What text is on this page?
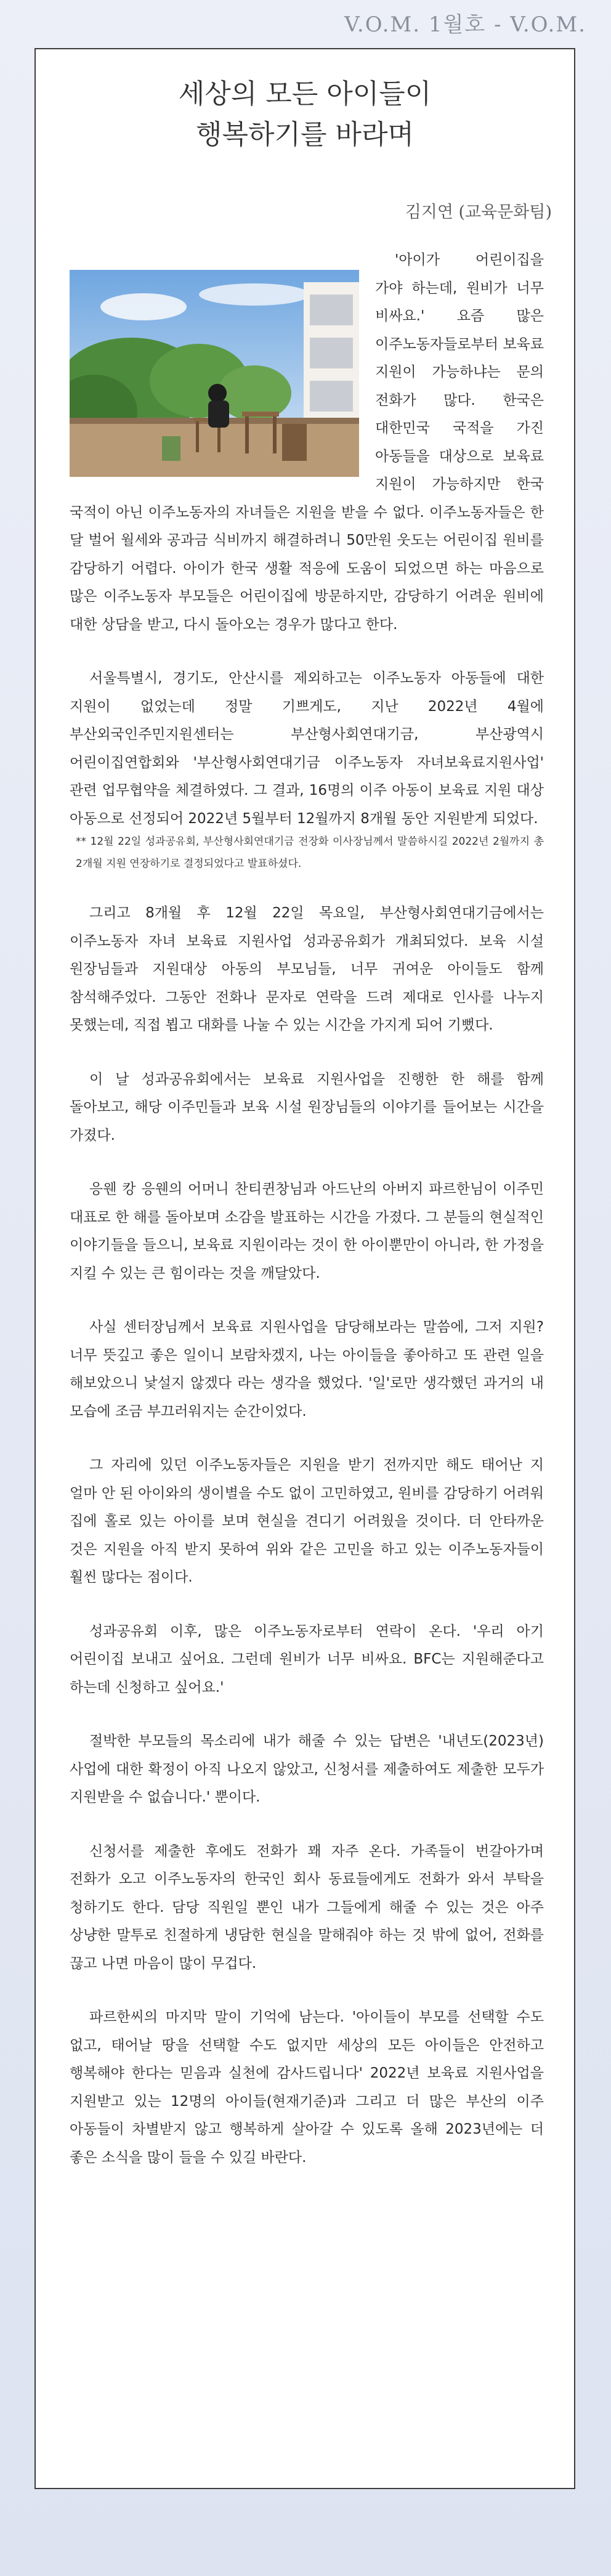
V.O.M. 1월호 - V.O.M.
세상의 모든 아이들이
행복하기를 바라며
김지연 (교육문화팀)

'아이가 어린이집을 가야 하는데, 원비가 너무 비싸요.' 요즘 많은 이주노동자들로부터 보육료 지원이 가능하냐는 문의 전화가 많다. 한국은 대한민국 국적을 가진 아동들을 대상으로 보육료 지원이 가능하지만 한국 국적이 아닌 이주노동자의 자녀들은 지원을 받을 수 없다. 이주노동자들은 한 달 벌어 월세와 공과금 식비까지 해결하려니 50만원 웃도는 어린이집 원비를 감당하기 어렵다. 아이가 한국 생활 적응에 도움이 되었으면 하는 마음으로 많은 이주노동자 부모들은 어린이집에 방문하지만, 감당하기 어려운 원비에 대한 상담을 받고, 다시 돌아오는 경우가 많다고 한다.

서울특별시, 경기도, 안산시를 제외하고는 이주노동자 아동들에 대한 지원이 없었는데 정말 기쁘게도, 지난 2022년 4월에 부산외국인주민지원센터는 부산형사회연대기금, 부산광역시 어린이집연합회와 '부산형사회연대기금 이주노동자 자녀보육료지원사업' 관련 업무협약을 체결하였다. 그 결과, 16명의 이주 아동이 보육료 지원 대상 아동으로 선정되어 2022년 5월부터 12월까지 8개월 동안 지원받게 되었다.

** 12월 22일 성과공유회, 부산형사회연대기금 전장화 이사장님께서 말씀하시길 2022년 2월까지 총 2개월 지원 연장하기로 결정되었다고 발표하셨다.

그리고 8개월 후 12월 22일 목요일, 부산형사회연대기금에서는 이주노동자 자녀 보육료 지원사업 성과공유회가 개최되었다. 보육 시설 원장님들과 지원대상 아동의 부모님들, 너무 귀여운 아이들도 함께 참석해주었다. 그동안 전화나 문자로 연락을 드려 제대로 인사를 나누지 못했는데, 직접 뵙고 대화를 나눌 수 있는 시간을 가지게 되어 기뻤다.

이 날 성과공유회에서는 보육료 지원사업을 진행한 한 해를 함께 돌아보고, 해당 이주민들과 보육 시설 원장님들의 이야기를 들어보는 시간을 가졌다.

응웬 캉 응웬의 어머니 찬티퀸창님과 아드난의 아버지 파르한님이 이주민 대표로 한 해를 돌아보며 소감을 발표하는 시간을 가졌다. 그 분들의 현실적인 이야기들을 들으니, 보육료 지원이라는 것이 한 아이뿐만이 아니라, 한 가정을 지킬 수 있는 큰 힘이라는 것을 깨달았다.

사실 센터장님께서 보육료 지원사업을 담당해보라는 말씀에, 그저 지원? 너무 뜻깊고 좋은 일이니 보람차겠지, 나는 아이들을 좋아하고 또 관련 일을 해보았으니 낯설지 않겠다 라는 생각을 했었다. '일'로만 생각했던 과거의 내 모습에 조금 부끄러워지는 순간이었다.

그 자리에 있던 이주노동자들은 지원을 받기 전까지만 해도 태어난 지 얼마 안 된 아이와의 생이별을 수도 없이 고민하였고, 원비를 감당하기 어려워 집에 홀로 있는 아이를 보며 현실을 견디기 어려웠을 것이다. 더 안타까운 것은 지원을 아직 받지 못하여 위와 같은 고민을 하고 있는 이주노동자들이 훨씬 많다는 점이다.

성과공유회 이후, 많은 이주노동자로부터 연락이 온다. '우리 아기 어린이집 보내고 싶어요. 그런데 원비가 너무 비싸요. BFC는 지원해준다고 하는데 신청하고 싶어요.'

절박한 부모들의 목소리에 내가 해줄 수 있는 답변은 '내년도(2023년) 사업에 대한 확정이 아직 나오지 않았고, 신청서를 제출하여도 제출한 모두가 지원받을 수 없습니다.' 뿐이다.

신청서를 제출한 후에도 전화가 꽤 자주 온다. 가족들이 번갈아가며 전화가 오고 이주노동자의 한국인 회사 동료들에게도 전화가 와서 부탁을 청하기도 한다. 담당 직원일 뿐인 내가 그들에게 해줄 수 있는 것은 아주 상냥한 말투로 친절하게 냉담한 현실을 말해줘야 하는 것 밖에 없어, 전화를 끊고 나면 마음이 많이 무겁다.

파르한씨의 마지막 말이 기억에 남는다. '아이들이 부모를 선택할 수도 없고, 태어날 땅을 선택할 수도 없지만 세상의 모든 아이들은 안전하고 행복해야 한다는 믿음과 실천에 감사드립니다' 2022년 보육료 지원사업을 지원받고 있는 12명의 아이들(현재기준)과 그리고 더 많은 부산의 이주 아동들이 차별받지 않고 행복하게 살아갈 수 있도록 올해 2023년에는 더 좋은 소식을 많이 들을 수 있길 바란다.
